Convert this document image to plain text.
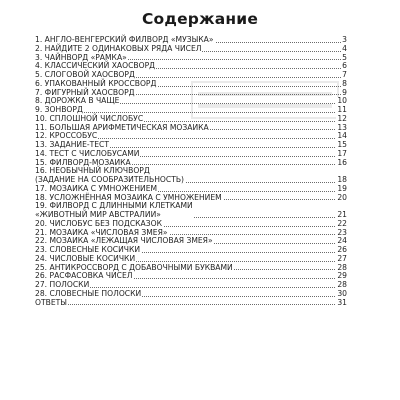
Содержание
1. АНГЛО-ВЕНГЕРСКИЙ ФИЛВОРД «МУЗЫКА»	3
2. НАЙДИТЕ 2 ОДИНАКОВЫХ РЯДА ЧИСЕЛ	4
3. ЧАЙНВОРД «РАМКА»	5
4. КЛАССИЧЕСКИЙ ХАОСВОРД	6
5. СЛОГОВОЙ ХАОСВОРД	7
6. УПАКОВАННЫЙ КРОССВОРД	8
7. ФИГУРНЫЙ ХАОСВОРД	9
8. ДОРОЖКА В ЧАЩЕ	10
9. ЗОНВОРД	11
10. СПЛОШНОЙ ЧИСЛОБУС	12
11. БОЛЬШАЯ АРИФМЕТИЧЕСКАЯ МОЗАИКА	13
12. КРОССОБУС	14
13. ЗАДАНИЕ-ТЕСТ	15
14. ТЕСТ С ЧИСЛОБУСАМИ	17
15. ФИЛВОРД-МОЗАИКА	16
16. НЕОБЫЧНЫЙ КЛЮЧВОРД
(ЗАДАНИЕ НА СООБРАЗИТЕЛЬНОСТЬ)	18
17. МОЗАИКА С УМНОЖЕНИЕМ	19
18. УСЛОЖНЁННАЯ МОЗАИКА С УМНОЖЕНИЕМ	20
19. ФИЛВОРД С ДЛИННЫМИ КЛЕТКАМИ
«ЖИВОТНЫЙ МИР АВСТРАЛИИ»	21
20. ЧИСЛОБУС БЕЗ ПОДСКАЗОК	22
21. МОЗАИКА «ЧИСЛОВАЯ ЗМЕЯ»	23
22. МОЗАИКА «ЛЕЖАЩАЯ ЧИСЛОВАЯ ЗМЕЯ»	24
23. СЛОВЕСНЫЕ КОСИЧКИ	26
24. ЧИСЛОВЫЕ КОСИЧКИ	27
25. АНТИКРОССВОРД С ДОБАВОЧНЫМИ БУКВАМИ	28
26. РАСФАСОВКА ЧИСЕЛ	29
27. ПОЛОСКИ	28
28. СЛОВЕСНЫЕ ПОЛОСКИ	30
ОТВЕТЫ	31
